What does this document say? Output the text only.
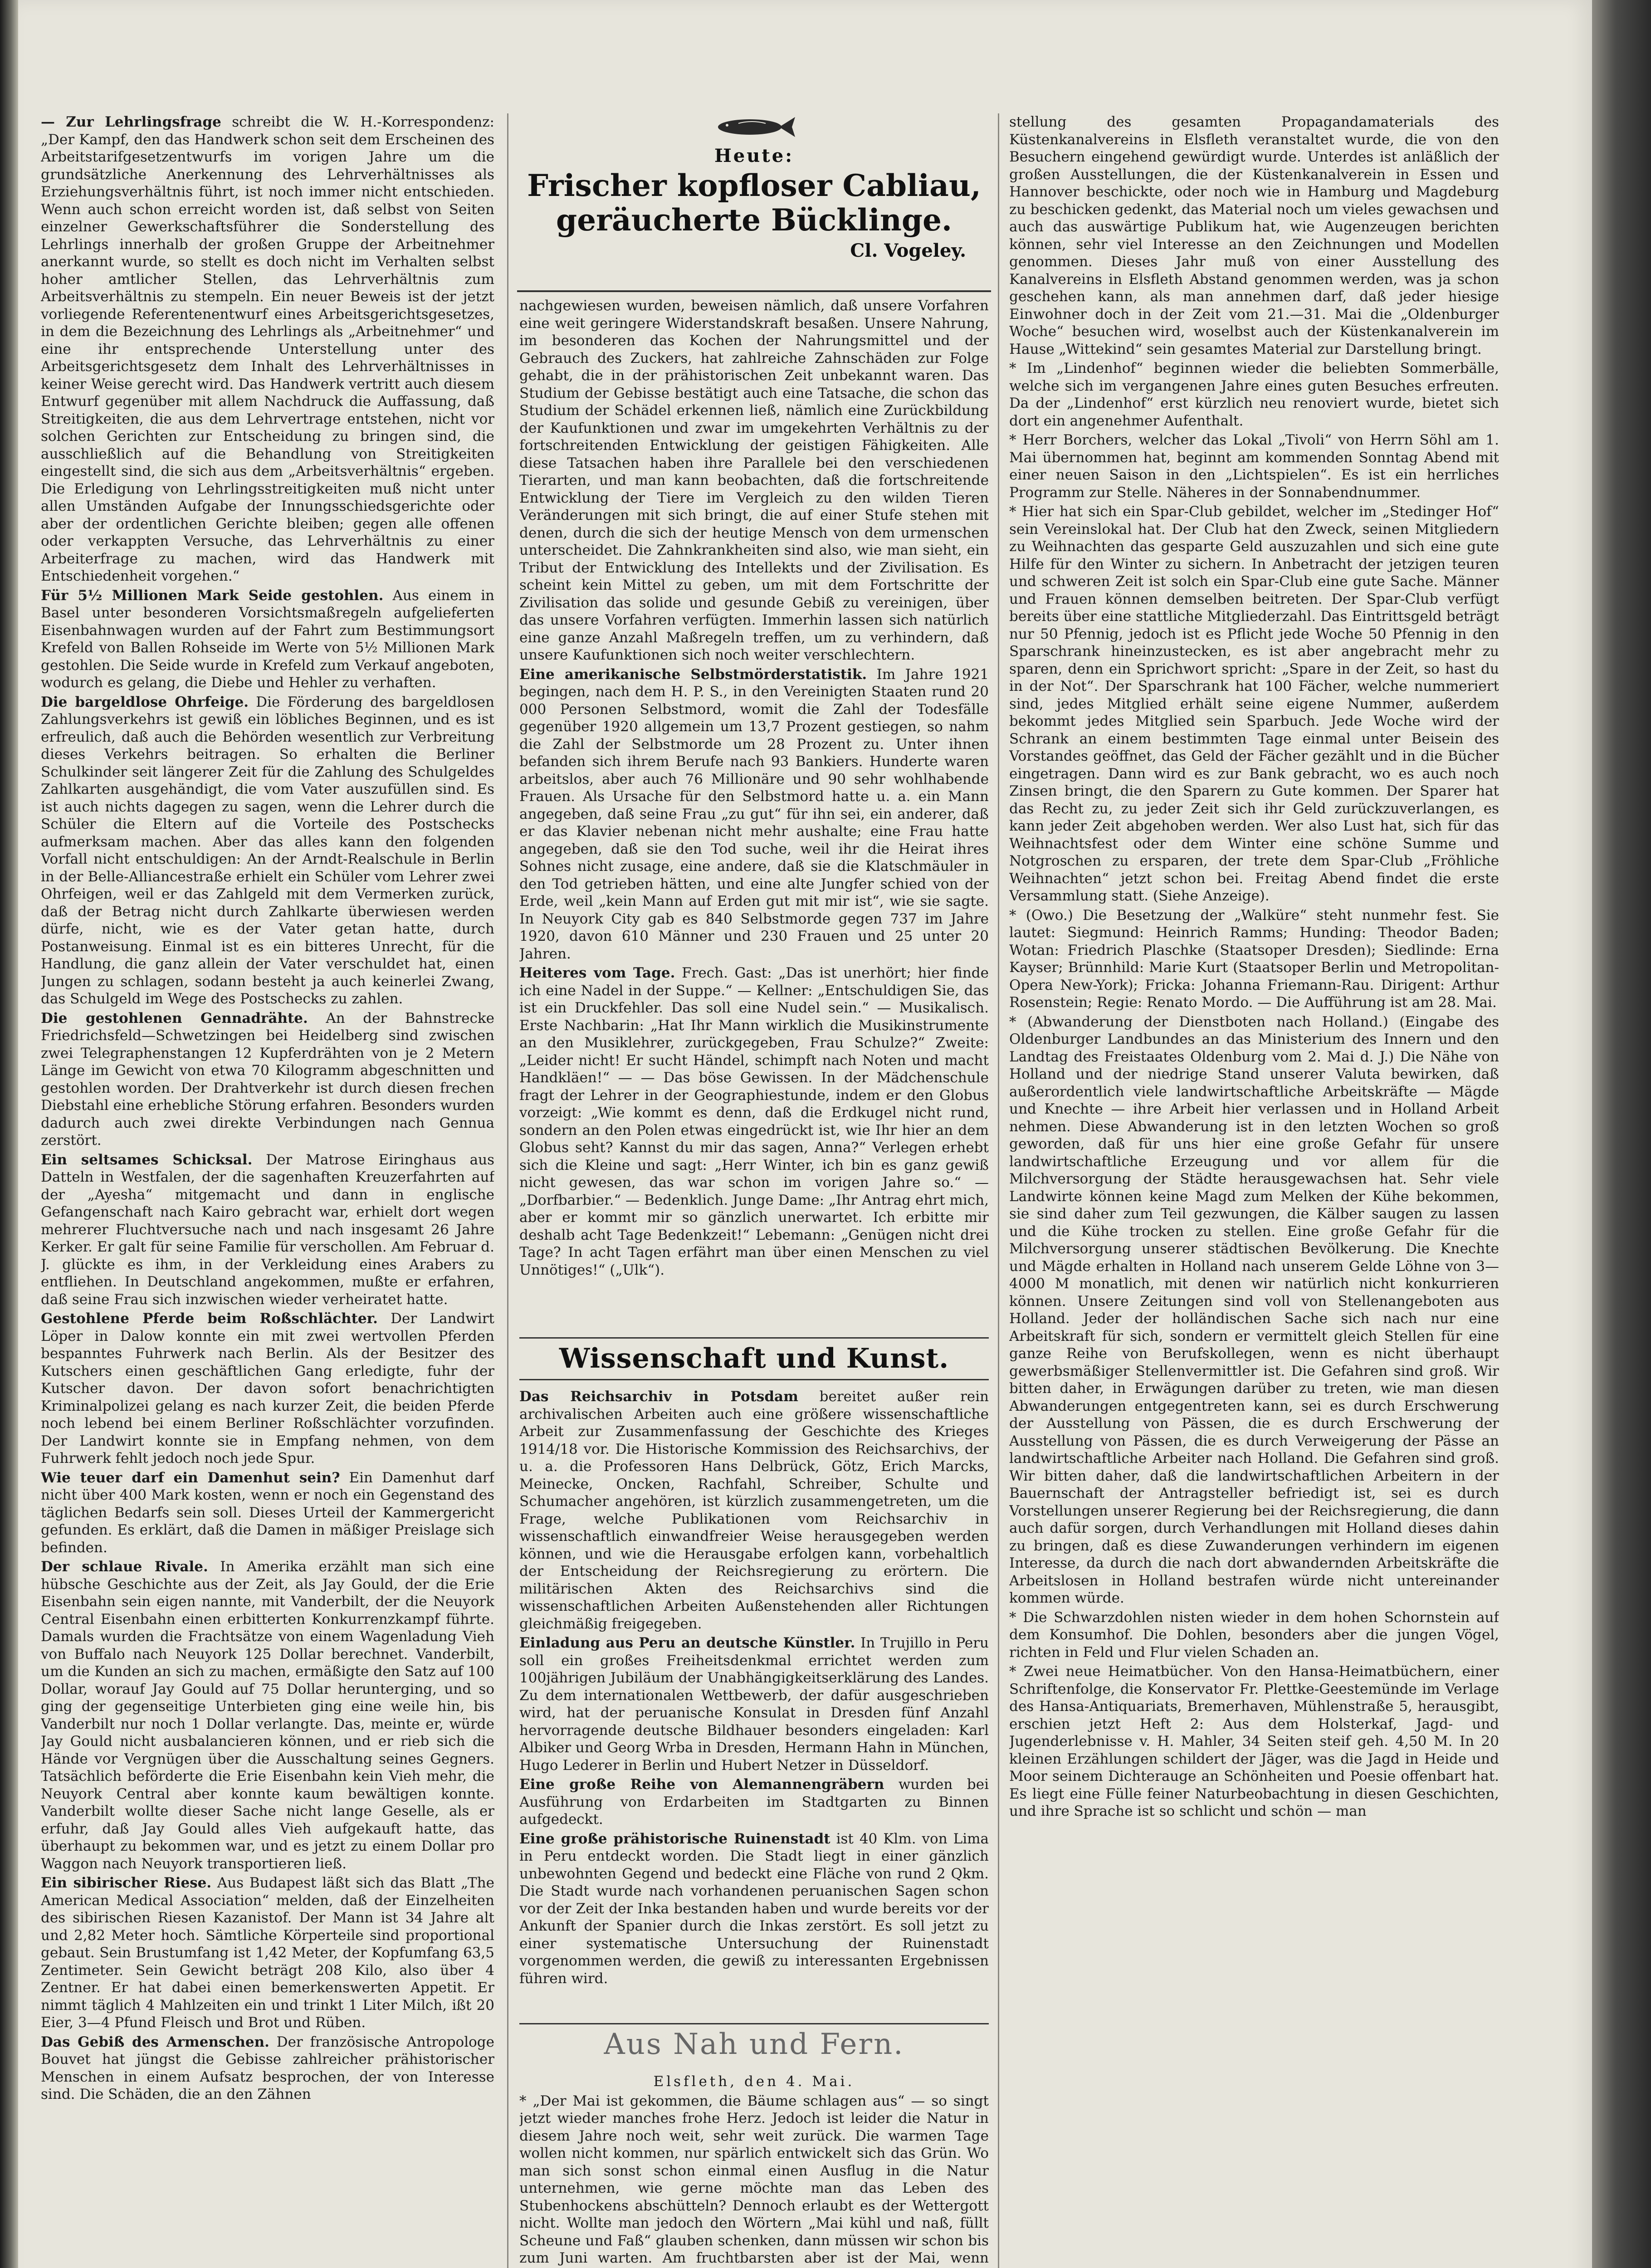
— Zur Lehrlingsfrage schreibt die W. H.-Korrespondenz: „Der Kampf, den das Handwerk schon seit dem Erscheinen des Arbeitstarifgesetzentwurfs im vorigen Jahre um die grundsätzliche Anerkennung des Lehrverhältnisses als Erziehungsverhältnis führt, ist noch immer nicht entschieden. Wenn auch schon erreicht worden ist, daß selbst von Seiten einzelner Gewerkschaftsführer die Sonderstellung des Lehrlings innerhalb der großen Gruppe der Arbeitnehmer anerkannt wurde, so stellt es doch nicht im Verhalten selbst hoher amtlicher Stellen, das Lehrverhältnis zum Arbeitsverhältnis zu stempeln. Ein neuer Beweis ist der jetzt vorliegende Referentenentwurf eines Arbeitsgerichtsgesetzes, in dem die Bezeichnung des Lehrlings als „Arbeitnehmer“ und eine ihr entsprechende Unterstellung unter des Arbeitsgerichtsgesetz dem Inhalt des Lehrverhältnisses in keiner Weise gerecht wird. Das Handwerk vertritt auch diesem Entwurf gegenüber mit allem Nachdruck die Auffassung, daß Streitigkeiten, die aus dem Lehrvertrage entstehen, nicht vor solchen Gerichten zur Entscheidung zu bringen sind, die ausschließlich auf die Behandlung von Streitigkeiten eingestellt sind, die sich aus dem „Arbeitsverhältnis“ ergeben. Die Erledigung von Lehrlingsstreitigkeiten muß nicht unter allen Umständen Aufgabe der Innungsschiedsgerichte oder aber der ordentlichen Gerichte bleiben; gegen alle offenen oder verkappten Versuche, das Lehrverhältnis zu einer Arbeiterfrage zu machen, wird das Handwerk mit Entschiedenheit vorgehen.“

Für 5½ Millionen Mark Seide gestohlen. Aus einem in Basel unter besonderen Vorsichtsmaßregeln aufgelieferten Eisenbahnwagen wurden auf der Fahrt zum Bestimmungsort Krefeld von Ballen Rohseide im Werte von 5½ Millionen Mark gestohlen. Die Seide wurde in Krefeld zum Verkauf angeboten, wodurch es gelang, die Diebe und Hehler zu verhaften.

Die bargeldlose Ohrfeige. Die Förderung des bargeldlosen Zahlungsverkehrs ist gewiß ein löbliches Beginnen, und es ist erfreulich, daß auch die Behörden wesentlich zur Verbreitung dieses Verkehrs beitragen. So erhalten die Berliner Schulkinder seit längerer Zeit für die Zahlung des Schulgeldes Zahlkarten ausgehändigt, die vom Vater auszufüllen sind. Es ist auch nichts dagegen zu sagen, wenn die Lehrer durch die Schüler die Eltern auf die Vorteile des Postschecks aufmerksam machen. Aber das alles kann den folgenden Vorfall nicht entschuldigen: An der Arndt-Realschule in Berlin in der Belle-Alliancestraße erhielt ein Schüler vom Lehrer zwei Ohrfeigen, weil er das Zahlgeld mit dem Vermerken zurück, daß der Betrag nicht durch Zahlkarte überwiesen werden dürfe, nicht, wie es der Vater getan hatte, durch Postanweisung. Einmal ist es ein bitteres Unrecht, für die Handlung, die ganz allein der Vater verschuldet hat, einen Jungen zu schlagen, sodann besteht ja auch keinerlei Zwang, das Schulgeld im Wege des Postschecks zu zahlen.

Die gestohlenen Gennadrähte. An der Bahnstrecke Friedrichsfeld—Schwetzingen bei Heidelberg sind zwischen zwei Telegraphenstangen 12 Kupferdrähten von je 2 Metern Länge im Gewicht von etwa 70 Kilogramm abgeschnitten und gestohlen worden. Der Drahtverkehr ist durch diesen frechen Diebstahl eine erhebliche Störung erfahren. Besonders wurden dadurch auch zwei direkte Verbindungen nach Gennua zerstört.

Ein seltsames Schicksal. Der Matrose Eiringhaus aus Datteln in Westfalen, der die sagenhaften Kreuzerfahrten auf der „Ayesha“ mitgemacht und dann in englische Gefangenschaft nach Kairo gebracht war, erhielt dort wegen mehrerer Fluchtversuche nach und nach insgesamt 26 Jahre Kerker. Er galt für seine Familie für verschollen. Am Februar d. J. glückte es ihm, in der Verkleidung eines Arabers zu entfliehen. In Deutschland angekommen, mußte er erfahren, daß seine Frau sich inzwischen wieder verheiratet hatte.

Gestohlene Pferde beim Roßschlächter. Der Landwirt Löper in Dalow konnte ein mit zwei wertvollen Pferden bespanntes Fuhrwerk nach Berlin. Als der Besitzer des Kutschers einen geschäftlichen Gang erledigte, fuhr der Kutscher davon. Der davon sofort benachrichtigten Kriminalpolizei gelang es nach kurzer Zeit, die beiden Pferde noch lebend bei einem Berliner Roßschlächter vorzufinden. Der Landwirt konnte sie in Empfang nehmen, von dem Fuhrwerk fehlt jedoch noch jede Spur.

Wie teuer darf ein Damenhut sein? Ein Damenhut darf nicht über 400 Mark kosten, wenn er noch ein Gegenstand des täglichen Bedarfs sein soll. Dieses Urteil der Kammergericht gefunden. Es erklärt, daß die Damen in mäßiger Preislage sich befinden.

Der schlaue Rivale. In Amerika erzählt man sich eine hübsche Geschichte aus der Zeit, als Jay Gould, der die Erie Eisenbahn sein eigen nannte, mit Vanderbilt, der die Neuyork Central Eisenbahn einen erbitterten Konkurrenzkampf führte. Damals wurden die Frachtsätze von einem Wagenladung Vieh von Buffalo nach Neuyork 125 Dollar berechnet. Vanderbilt, um die Kunden an sich zu machen, ermäßigte den Satz auf 100 Dollar, worauf Jay Gould auf 75 Dollar herunterging, und so ging der gegenseitige Unterbieten ging eine weile hin, bis Vanderbilt nur noch 1 Dollar verlangte. Das, meinte er, würde Jay Gould nicht ausbalancieren können, und er rieb sich die Hände vor Vergnügen über die Ausschaltung seines Gegners. Tatsächlich beförderte die Erie Eisenbahn kein Vieh mehr, die Neuyork Central aber konnte kaum bewältigen konnte. Vanderbilt wollte dieser Sache nicht lange Geselle, als er erfuhr, daß Jay Gould alles Vieh aufgekauft hatte, das überhaupt zu bekommen war, und es jetzt zu einem Dollar pro Waggon nach Neuyork transportieren ließ.

Ein sibirischer Riese. Aus Budapest läßt sich das Blatt „The American Medical Association“ melden, daß der Einzelheiten des sibirischen Riesen Kazanistof. Der Mann ist 34 Jahre alt und 2,82 Meter hoch. Sämtliche Körperteile sind proportional gebaut. Sein Brustumfang ist 1,42 Meter, der Kopfumfang 63,5 Zentimeter. Sein Gewicht beträgt 208 Kilo, also über 4 Zentner. Er hat dabei einen bemerkenswerten Appetit. Er nimmt täglich 4 Mahlzeiten ein und trinkt 1 Liter Milch, ißt 20 Eier, 3—4 Pfund Fleisch und Brot und Rüben.

Das Gebiß des Armenschen. Der französische Antropologe Bouvet hat jüngst die Gebisse zahlreicher prähistorischer Menschen in einem Aufsatz besprochen, der von Interesse sind. Die Schäden, die an den Zähnen

Heute:
Frischer kopfloser Cabliau,
geräucherte Bücklinge.
Cl. Vogeley.

nachgewiesen wurden, beweisen nämlich, daß unsere Vorfahren eine weit geringere Widerstandskraft besaßen. Unsere Nahrung, im besonderen das Kochen der Nahrungsmittel und der Gebrauch des Zuckers, hat zahlreiche Zahnschäden zur Folge gehabt, die in der prähistorischen Zeit unbekannt waren. Das Studium der Gebisse bestätigt auch eine Tatsache, die schon das Studium der Schädel erkennen ließ, nämlich eine Zurückbildung der Kaufunktionen und zwar im umgekehrten Verhältnis zu der fortschreitenden Entwicklung der geistigen Fähigkeiten. Alle diese Tatsachen haben ihre Parallele bei den verschiedenen Tierarten, und man kann beobachten, daß die fortschreitende Entwicklung der Tiere im Vergleich zu den wilden Tieren Veränderungen mit sich bringt, die auf einer Stufe stehen mit denen, durch die sich der heutige Mensch von dem urmenschen unterscheidet. Die Zahnkrankheiten sind also, wie man sieht, ein Tribut der Entwicklung des Intellekts und der Zivilisation. Es scheint kein Mittel zu geben, um mit dem Fortschritte der Zivilisation das solide und gesunde Gebiß zu vereinigen, über das unsere Vorfahren verfügten. Immerhin lassen sich natürlich eine ganze Anzahl Maßregeln treffen, um zu verhindern, daß unsere Kaufunktionen sich noch weiter verschlechtern.

Eine amerikanische Selbstmörderstatistik. Im Jahre 1921 begingen, nach dem H. P. S., in den Vereinigten Staaten rund 20 000 Personen Selbstmord, womit die Zahl der Todesfälle gegenüber 1920 allgemein um 13,7 Prozent gestiegen, so nahm die Zahl der Selbstmorde um 28 Prozent zu. Unter ihnen befanden sich ihrem Berufe nach 93 Bankiers. Hunderte waren arbeitslos, aber auch 76 Millionäre und 90 sehr wohlhabende Frauen. Als Ursache für den Selbstmord hatte u. a. ein Mann angegeben, daß seine Frau „zu gut“ für ihn sei, ein anderer, daß er das Klavier nebenan nicht mehr aushalte; eine Frau hatte angegeben, daß sie den Tod suche, weil ihr die Heirat ihres Sohnes nicht zusage, eine andere, daß sie die Klatschmäuler in den Tod getrieben hätten, und eine alte Jungfer schied von der Erde, weil „kein Mann auf Erden gut mit mir ist“, wie sie sagte. In Neuyork City gab es 840 Selbstmorde gegen 737 im Jahre 1920, davon 610 Männer und 230 Frauen und 25 unter 20 Jahren.

Heiteres vom Tage. Frech. Gast: „Das ist unerhört; hier finde ich eine Nadel in der Suppe.“ — Kellner: „Entschuldigen Sie, das ist ein Druckfehler. Das soll eine Nudel sein.“ — Musikalisch. Erste Nachbarin: „Hat Ihr Mann wirklich die Musikinstrumente an den Musiklehrer, zurückgegeben, Frau Schulze?“ Zweite: „Leider nicht! Er sucht Händel, schimpft nach Noten und macht Handkläen!“ — — Das böse Gewissen. In der Mädchenschule fragt der Lehrer in der Geographiestunde, indem er den Globus vorzeigt: „Wie kommt es denn, daß die Erdkugel nicht rund, sondern an den Polen etwas eingedrückt ist, wie Ihr hier an dem Globus seht? Kannst du mir das sagen, Anna?“ Verlegen erhebt sich die Kleine und sagt: „Herr Winter, ich bin es ganz gewiß nicht gewesen, das war schon im vorigen Jahre so.“ — „Dorfbarbier.“ — Bedenklich. Junge Dame: „Ihr Antrag ehrt mich, aber er kommt mir so gänzlich unerwartet. Ich erbitte mir deshalb acht Tage Bedenkzeit!“ Lebemann: „Genügen nicht drei Tage? In acht Tagen erfährt man über einen Menschen zu viel Unnötiges!“ („Ulk“).

Wissenschaft und Kunst.

Das Reichsarchiv in Potsdam bereitet außer rein archivalischen Arbeiten auch eine größere wissenschaftliche Arbeit zur Zusammenfassung der Geschichte des Krieges 1914/18 vor. Die Historische Kommission des Reichsarchivs, der u. a. die Professoren Hans Delbrück, Götz, Erich Marcks, Meinecke, Oncken, Rachfahl, Schreiber, Schulte und Schumacher angehören, ist kürzlich zusammengetreten, um die Frage, welche Publikationen vom Reichsarchiv in wissenschaftlich einwandfreier Weise herausgegeben werden können, und wie die Herausgabe erfolgen kann, vorbehaltlich der Entscheidung der Reichsregierung zu erörtern. Die militärischen Akten des Reichsarchivs sind die wissenschaftlichen Arbeiten Außenstehenden aller Richtungen gleichmäßig freigegeben.

Einladung aus Peru an deutsche Künstler. In Trujillo in Peru soll ein großes Freiheitsdenkmal errichtet werden zum 100jährigen Jubiläum der Unabhängigkeitserklärung des Landes. Zu dem internationalen Wettbewerb, der dafür ausgeschrieben wird, hat der peruanische Konsulat in Dresden fünf Anzahl hervorragende deutsche Bildhauer besonders eingeladen: Karl Albiker und Georg Wrba in Dresden, Hermann Hahn in München, Hugo Lederer in Berlin und Hubert Netzer in Düsseldorf.

Eine große Reihe von Alemannengräbern wurden bei Ausführung von Erdarbeiten im Stadtgarten zu Binnen aufgedeckt.

Eine große prähistorische Ruinenstadt ist 40 Klm. von Lima in Peru entdeckt worden. Die Stadt liegt in einer gänzlich unbewohnten Gegend und bedeckt eine Fläche von rund 2 Qkm. Die Stadt wurde nach vorhandenen peruanischen Sagen schon vor der Zeit der Inka bestanden haben und wurde bereits vor der Ankunft der Spanier durch die Inkas zerstört. Es soll jetzt zu einer systematische Untersuchung der Ruinenstadt vorgenommen werden, die gewiß zu interessanten Ergebnissen führen wird.

Aus Nah und Fern.

Elsfleth, den 4. Mai.

* „Der Mai ist gekommen, die Bäume schlagen aus“ — so singt jetzt wieder manches frohe Herz. Jedoch ist leider die Natur in diesem Jahre noch weit, sehr weit zurück. Die warmen Tage wollen nicht kommen, nur spärlich entwickelt sich das Grün. Wo man sich sonst schon einmal einen Ausflug in die Natur unternehmen, wie gerne möchte man das Leben des Stubenhockens abschütteln? Dennoch erlaubt es der Wettergott nicht. Wollte man jedoch den Wörtern „Mai kühl und naß, füllt Scheune und Faß“ glauben schenken, dann müssen wir schon bis zum Juni warten. Am fruchtbarsten aber ist der Mai, wenn

stellung des gesamten Propagandamaterials des Küstenkanalvereins in Elsfleth veranstaltet wurde, die von den Besuchern eingehend gewürdigt wurde. Unterdes ist anläßlich der großen Ausstellungen, die der Küstenkanalverein in Essen und Hannover beschickte, oder noch wie in Hamburg und Magdeburg zu beschicken gedenkt, das Material noch um vieles gewachsen und auch das auswärtige Publikum hat, wie Augenzeugen berichten können, sehr viel Interesse an den Zeichnungen und Modellen genommen. Dieses Jahr muß von einer Ausstellung des Kanalvereins in Elsfleth Abstand genommen werden, was ja schon geschehen kann, als man annehmen darf, daß jeder hiesige Einwohner doch in der Zeit vom 21.—31. Mai die „Oldenburger Woche“ besuchen wird, woselbst auch der Küstenkanalverein im Hause „Wittekind“ sein gesamtes Material zur Darstellung bringt.

* Im „Lindenhof“ beginnen wieder die beliebten Sommerbälle, welche sich im vergangenen Jahre eines guten Besuches erfreuten. Da der „Lindenhof“ erst kürzlich neu renoviert wurde, bietet sich dort ein angenehmer Aufenthalt.

* Herr Borchers, welcher das Lokal „Tivoli“ von Herrn Söhl am 1. Mai übernommen hat, beginnt am kommenden Sonntag Abend mit einer neuen Saison in den „Lichtspielen“. Es ist ein herrliches Programm zur Stelle. Näheres in der Sonnabendnummer.

* Hier hat sich ein Spar-Club gebildet, welcher im „Stedinger Hof“ sein Vereinslokal hat. Der Club hat den Zweck, seinen Mitgliedern zu Weihnachten das gesparte Geld auszuzahlen und sich eine gute Hilfe für den Winter zu sichern. In Anbetracht der jetzigen teuren und schweren Zeit ist solch ein Spar-Club eine gute Sache. Männer und Frauen können demselben beitreten. Der Spar-Club verfügt bereits über eine stattliche Mitgliederzahl. Das Eintrittsgeld beträgt nur 50 Pfennig, jedoch ist es Pflicht jede Woche 50 Pfennig in den Sparschrank hineinzustecken, es ist aber angebracht mehr zu sparen, denn ein Sprichwort spricht: „Spare in der Zeit, so hast du in der Not“. Der Sparschrank hat 100 Fächer, welche nummeriert sind, jedes Mitglied erhält seine eigene Nummer, außerdem bekommt jedes Mitglied sein Sparbuch. Jede Woche wird der Schrank an einem bestimmten Tage einmal unter Beisein des Vorstandes geöffnet, das Geld der Fächer gezählt und in die Bücher eingetragen. Dann wird es zur Bank gebracht, wo es auch noch Zinsen bringt, die den Sparern zu Gute kommen. Der Sparer hat das Recht zu, zu jeder Zeit sich ihr Geld zurückzuverlangen, es kann jeder Zeit abgehoben werden. Wer also Lust hat, sich für das Weihnachtsfest oder dem Winter eine schöne Summe und Notgroschen zu ersparen, der trete dem Spar-Club „Fröhliche Weihnachten“ jetzt schon bei. Freitag Abend findet die erste Versammlung statt. (Siehe Anzeige).

* (Owo.) Die Besetzung der „Walküre“ steht nunmehr fest. Sie lautet: Siegmund: Heinrich Ramms; Hunding: Theodor Baden; Wotan: Friedrich Plaschke (Staatsoper Dresden); Siedlinde: Erna Kayser; Brünnhild: Marie Kurt (Staatsoper Berlin und Metropolitan-Opera New-York); Fricka: Johanna Friemann-Rau. Dirigent: Arthur Rosenstein; Regie: Renato Mordo. — Die Aufführung ist am 28. Mai.

* (Abwanderung der Dienstboten nach Holland.) (Eingabe des Oldenburger Landbundes an das Ministerium des Innern und den Landtag des Freistaates Oldenburg vom 2. Mai d. J.) Die Nähe von Holland und der niedrige Stand unserer Valuta bewirken, daß außerordentlich viele landwirtschaftliche Arbeitskräfte — Mägde und Knechte — ihre Arbeit hier verlassen und in Holland Arbeit nehmen. Diese Abwanderung ist in den letzten Wochen so groß geworden, daß für uns hier eine große Gefahr für unsere landwirtschaftliche Erzeugung und vor allem für die Milchversorgung der Städte herausgewachsen hat. Sehr viele Landwirte können keine Magd zum Melken der Kühe bekommen, sie sind daher zum Teil gezwungen, die Kälber saugen zu lassen und die Kühe trocken zu stellen. Eine große Gefahr für die Milchversorgung unserer städtischen Bevölkerung. Die Knechte und Mägde erhalten in Holland nach unserem Gelde Löhne von 3—4000 M monatlich, mit denen wir natürlich nicht konkurrieren können. Unsere Zeitungen sind voll von Stellenangeboten aus Holland. Jeder der holländischen Sache sich nach nur eine Arbeitskraft für sich, sondern er vermittelt gleich Stellen für eine ganze Reihe von Berufskollegen, wenn es nicht überhaupt gewerbsmäßiger Stellenvermittler ist. Die Gefahren sind groß. Wir bitten daher, in Erwägungen darüber zu treten, wie man diesen Abwanderungen entgegentreten kann, sei es durch Erschwerung der Ausstellung von Pässen, die es durch Erschwerung der Ausstellung von Pässen, die es durch Verweigerung der Pässe an landwirtschaftliche Arbeiter nach Holland. Die Gefahren sind groß. Wir bitten daher, daß die landwirtschaftlichen Arbeitern in der Bauernschaft der Antragsteller befriedigt ist, sei es durch Vorstellungen unserer Regierung bei der Reichsregierung, die dann auch dafür sorgen, durch Verhandlungen mit Holland dieses dahin zu bringen, daß es diese Zuwanderungen verhindern im eigenen Interesse, da durch die nach dort abwandernden Arbeitskräfte die Arbeitslosen in Holland bestrafen würde nicht untereinander kommen würde.

* Die Schwarzdohlen nisten wieder in dem hohen Schornstein auf dem Konsumhof. Die Dohlen, besonders aber die jungen Vögel, richten in Feld und Flur vielen Schaden an.

* Zwei neue Heimatbücher. Von den Hansa-Heimatbüchern, einer Schriftenfolge, die Konservator Fr. Plettke-Geestemünde im Verlage des Hansa-Antiquariats, Bremerhaven, Mühlenstraße 5, herausgibt, erschien jetzt Heft 2: Aus dem Holsterkaf, Jagd- und Jugenderlebnisse v. H. Mahler, 34 Seiten steif geh. 4,50 M. In 20 kleinen Erzählungen schildert der Jäger, was die Jagd in Heide und Moor seinem Dichterauge an Schönheiten und Poesie offenbart hat. Es liegt eine Fülle feiner Naturbeobachtung in diesen Geschichten, und ihre Sprache ist so schlicht und schön — man
